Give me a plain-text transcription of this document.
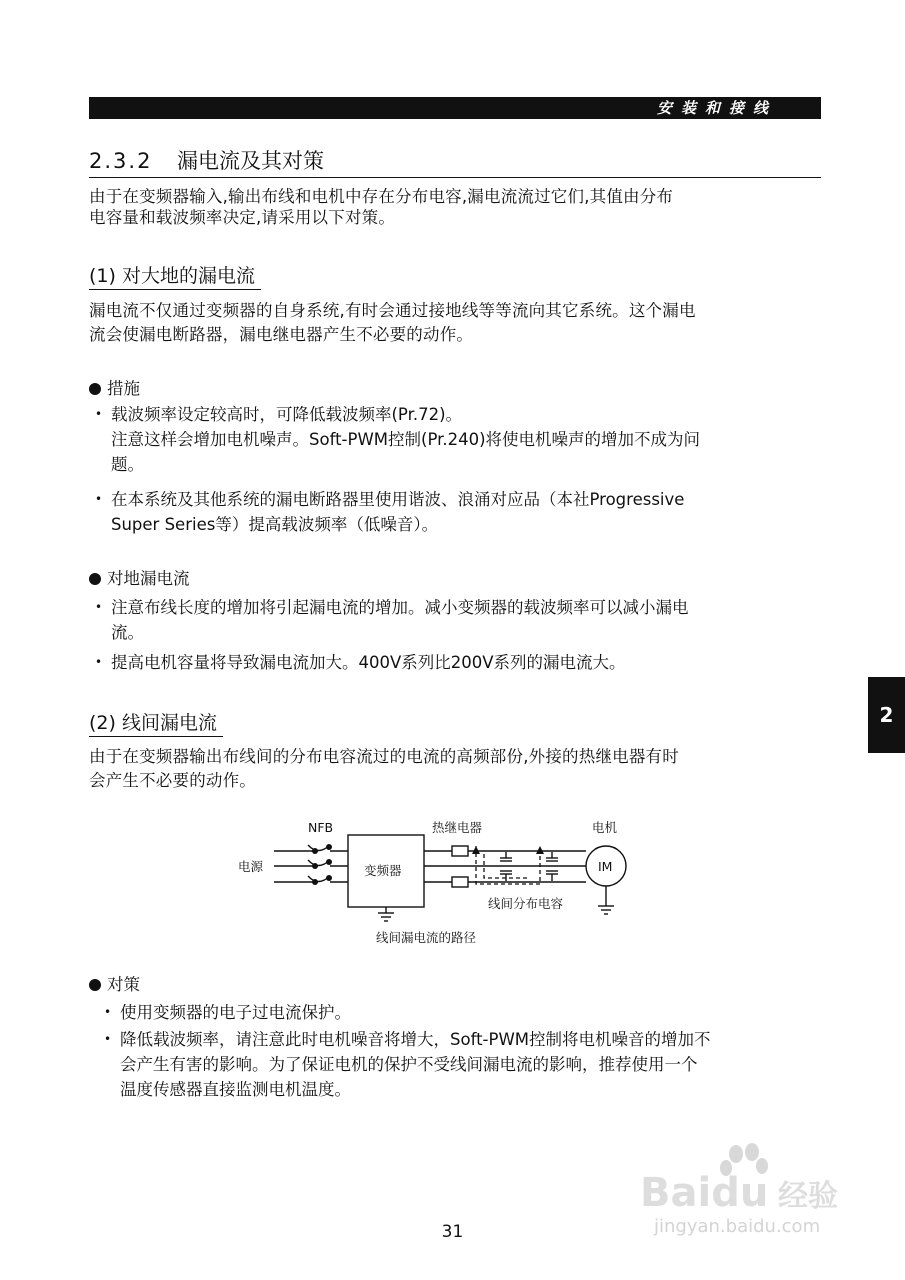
安装和接线
2.3.2 漏电流及其对策
由于在变频器输入,输出布线和电机中存在分布电容,漏电流流过它们,其值由分布
电容量和载波频率决定,请采用以下对策。
(1) 对大地的漏电流
漏电流不仅通过变频器的自身系统,有时会通过接地线等等流向其它系统。这个漏电
流会使漏电断路器，漏电继电器产生不必要的动作。
措施
• 载波频率设定较高时，可降低载波频率(Pr.72)。
注意这样会增加电机噪声。Soft-PWM控制(Pr.240)将使电机噪声的增加不成为问
题。
• 在本系统及其他系统的漏电断路器里使用谐波、浪涌对应品（本社Progressive
Super Series等）提高载波频率（低噪音）。
对地漏电流
• 注意布线长度的增加将引起漏电流的增加。减小变频器的载波频率可以减小漏电
流。
• 提高电机容量将导致漏电流加大。400V系列比200V系列的漏电流大。
(2) 线间漏电流
由于在变频器输出布线间的分布电容流过的电流的高频部份,外接的热继电器有时
会产生不必要的动作。
NFB	热继电器	电机
电源	变频器	IM
线间分布电容
线间漏电流的路径
对策
• 使用变频器的电子过电流保护。
• 降低载波频率，请注意此时电机噪音将增大，Soft-PWM控制将电机噪音的增加不
会产生有害的影响。为了保证电机的保护不受线间漏电流的影响，推荐使用一个
温度传感器直接监测电机温度。
2
Baidu 经验
jingyan.baidu.com
31
